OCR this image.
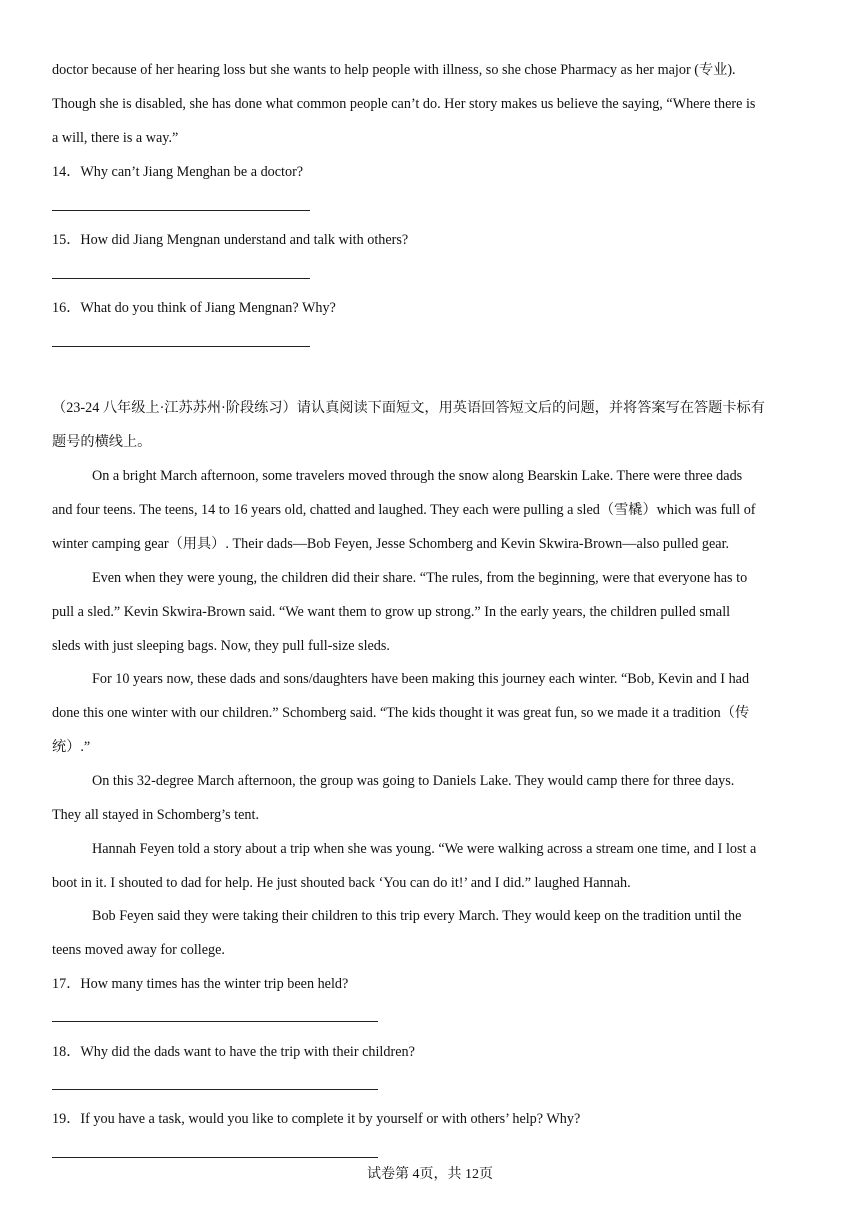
doctor because of her hearing loss but she wants to help people with illness, so she chose Pharmacy as her major (专业).
Though she is disabled, she has done what common people can’t do. Her story makes us believe the saying, “Where there is
a will, there is a way.”
14．Why can’t Jiang Menghan be a doctor?
15．How did Jiang Mengnan understand and talk with others?
16．What do you think of Jiang Mengnan? Why?
（23-24 八年级上·江苏苏州·阶段练习）请认真阅读下面短文，用英语回答短文后的问题，并将答案写在答题卡标有
题号的横线上。
On a bright March afternoon, some travelers moved through the snow along Bearskin Lake. There were three dads
and four teens. The teens, 14 to 16 years old, chatted and laughed. They each were pulling a sled（雪橇）which was full of
winter camping gear（用具）. Their dads—Bob Feyen, Jesse Schomberg and Kevin Skwira-Brown—also pulled gear.
Even when they were young, the children did their share. “The rules, from the beginning, were that everyone has to
pull a sled.” Kevin Skwira-Brown said. “We want them to grow up strong.” In the early years, the children pulled small
sleds with just sleeping bags. Now, they pull full-size sleds.
For 10 years now, these dads and sons/daughters have been making this journey each winter. “Bob, Kevin and I had
done this one winter with our children.” Schomberg said. “The kids thought it was great fun, so we made it a tradition（传
统）.”
On this 32-degree March afternoon, the group was going to Daniels Lake. They would camp there for three days.
They all stayed in Schomberg’s tent.
Hannah Feyen told a story about a trip when she was young. “We were walking across a stream one time, and I lost a
boot in it. I shouted to dad for help. He just shouted back ‘You can do it!’ and I did.” laughed Hannah.
Bob Feyen said they were taking their children to this trip every March. They would keep on the tradition until the
teens moved away for college.
17．How many times has the winter trip been held?
18．Why did the dads want to have the trip with their children?
19．If you have a task, would you like to complete it by yourself or with others’ help? Why?
试卷第 4页，共 12页
